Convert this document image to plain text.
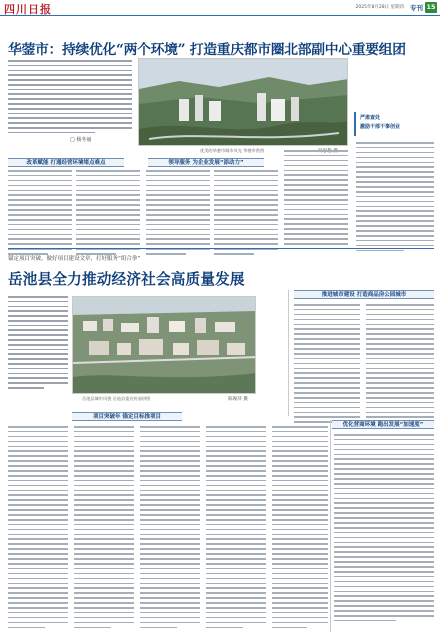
四川日报	2025年8月28日 星期四 专刊 15
华蓥市：持续优化“两个环境” 打造重庆都市圈北部副中心重要组团
□ 杨冬丽
优美的华蓥市城市风光 华蓥市供图
严肃查处
激励干部干事创业
改革赋能 打通经营环境堵点难点	领导服务 为企业发展“添动力”
锚定项目突破、做好项目建设文章，打好服务“组合拳”
岳池县全力推动经济社会高质量发展
岳池县城市风貌 岳池县委宣传部供图	陈俊萍 摄
推进城市建设 打造商品房公园城市
项目突破年 锚定目标推项目
优化营商环境 跑出发展“加速度”
